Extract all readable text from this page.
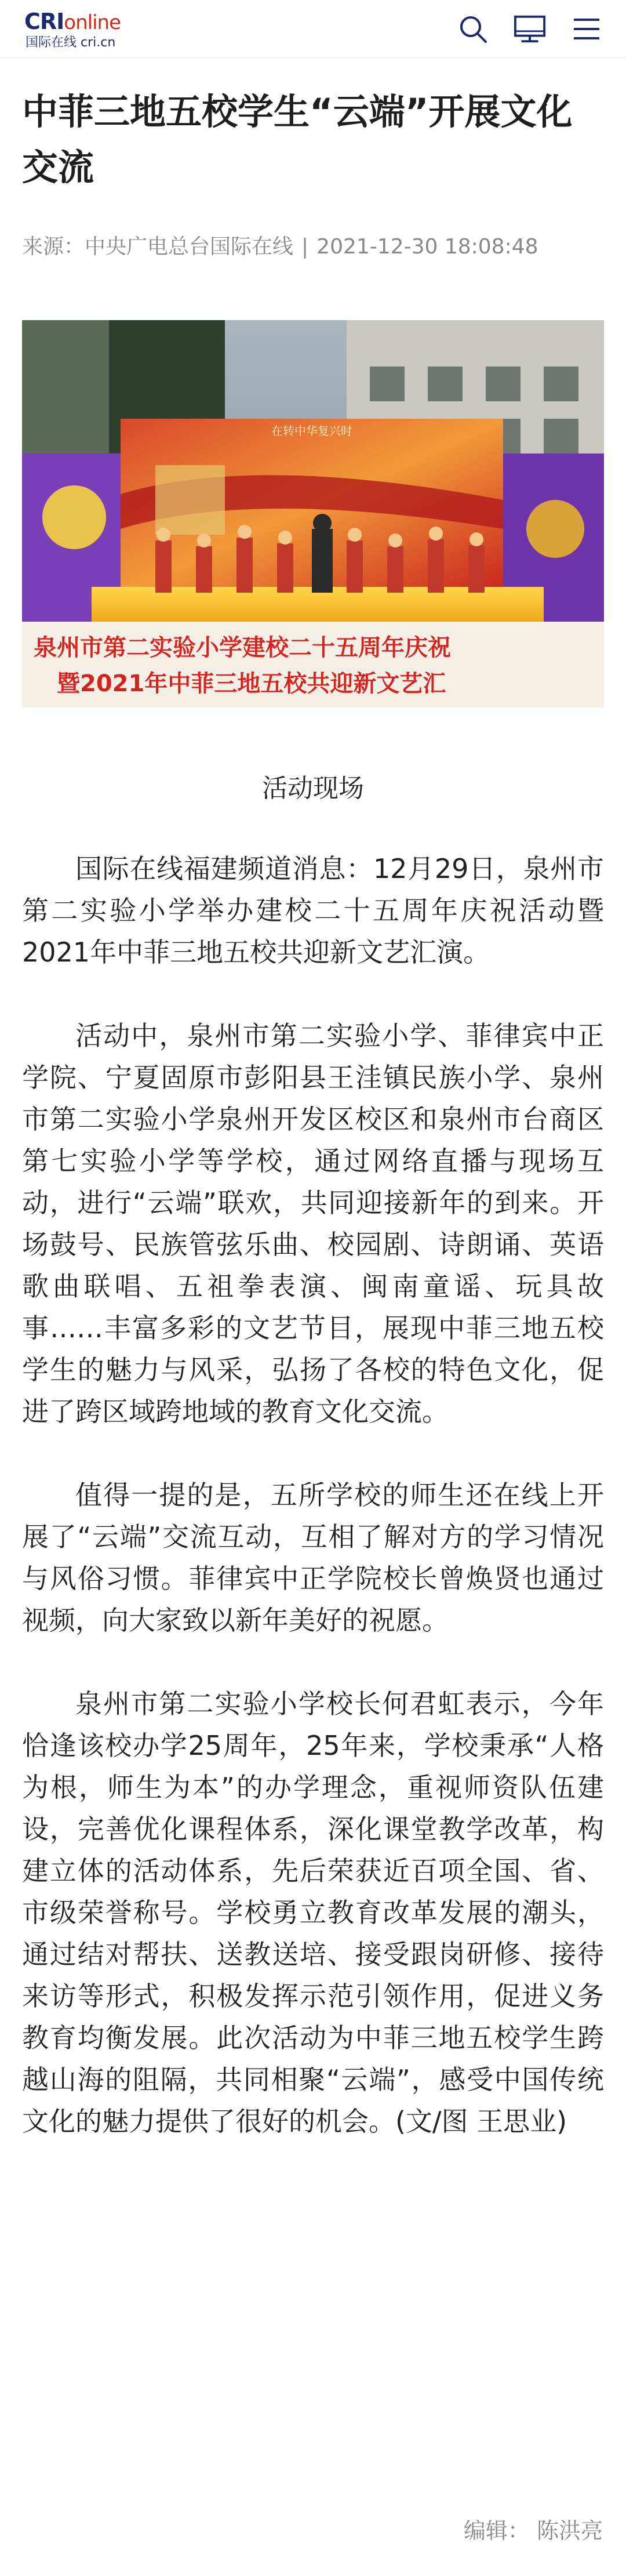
CRIonline
国际在线 cri.cn
中菲三地五校学生“云端”开展文化交流
来源：中央广电总台国际在线 | 2021-12-30 18:08:48
在转中华复兴时
泉州市第二实验小学建校二十五周年庆祝
暨2021年中菲三地五校共迎新文艺汇
活动现场

国际在线福建频道消息：12月29日，泉州市第二实验小学举办建校二十五周年庆祝活动暨2021年中菲三地五校共迎新文艺汇演。

活动中，泉州市第二实验小学、菲律宾中正学院、宁夏固原市彭阳县王洼镇民族小学、泉州市第二实验小学泉州开发区校区和泉州市台商区第七实验小学等学校，通过网络直播与现场互动，进行“云端”联欢，共同迎接新年的到来。开场鼓号、民族管弦乐曲、校园剧、诗朗诵、英语歌曲联唱、五祖拳表演、闽南童谣、玩具故事……丰富多彩的文艺节目，展现中菲三地五校学生的魅力与风采，弘扬了各校的特色文化，促进了跨区域跨地域的教育文化交流。

值得一提的是，五所学校的师生还在线上开展了“云端”交流互动，互相了解对方的学习情况与风俗习惯。菲律宾中正学院校长曾焕贤也通过视频，向大家致以新年美好的祝愿。

泉州市第二实验小学校长何君虹表示，今年恰逢该校办学25周年，25年来，学校秉承“人格为根，师生为本”的办学理念，重视师资队伍建设，完善优化课程体系，深化课堂教学改革，构建立体的活动体系，先后荣获近百项全国、省、市级荣誉称号。学校勇立教育改革发展的潮头，通过结对帮扶、送教送培、接受跟岗研修、接待来访等形式，积极发挥示范引领作用，促进义务教育均衡发展。此次活动为中菲三地五校学生跨越山海的阻隔，共同相聚“云端”，感受中国传统文化的魅力提供了很好的机会。(文/图 王思业)

编辑： 陈洪亮
